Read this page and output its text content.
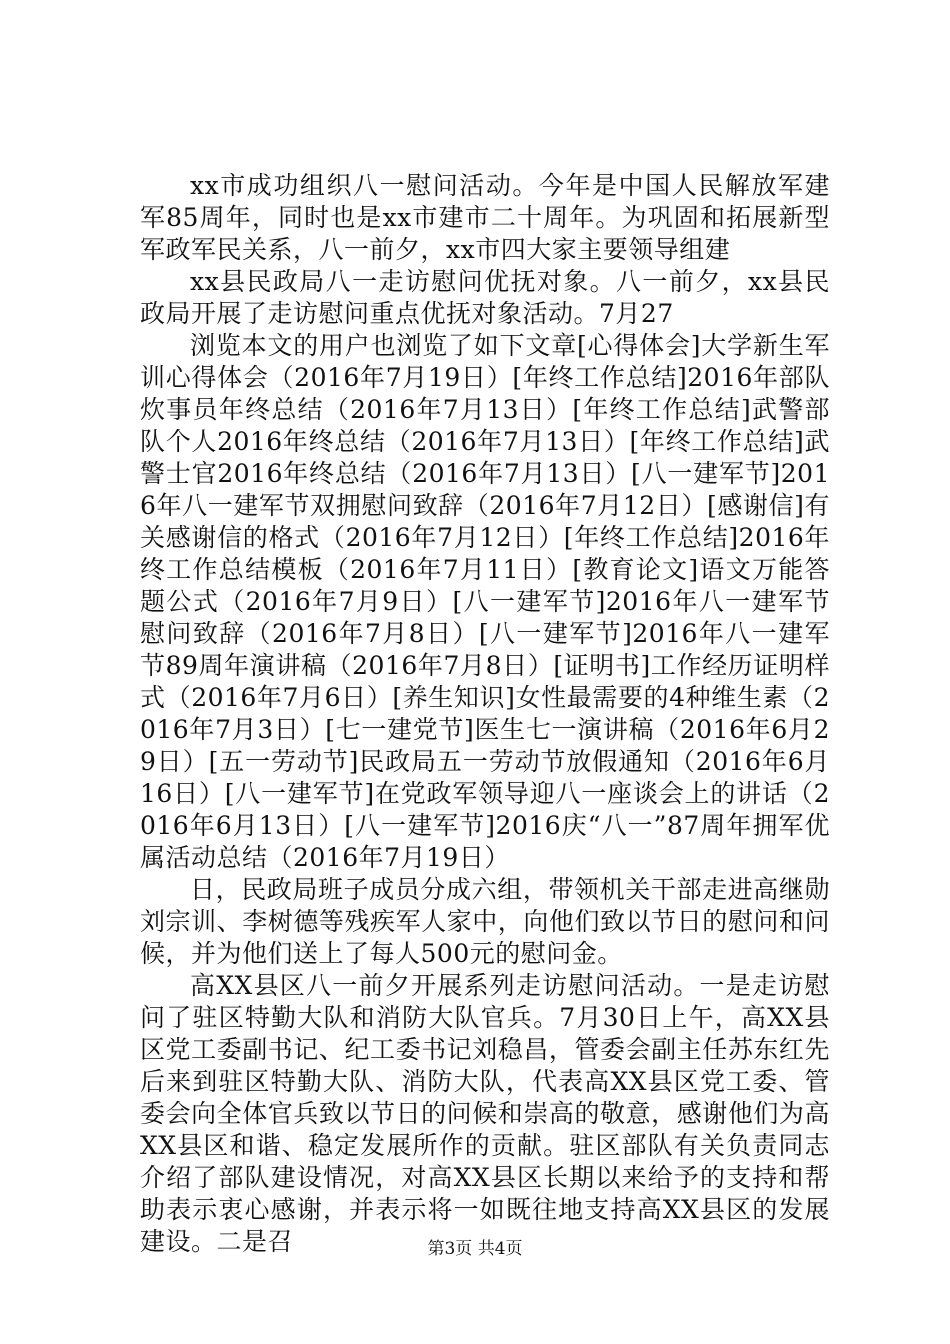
xx市成功组织八一慰问活动。今年是中国人民解放军建军85周年，同时也是xx市建市二十周年。为巩固和拓展新型军政军民关系，八一前夕，xx市四大家主要领导组建

xx县民政局八一走访慰问优抚对象。八一前夕，xx县民政局开展了走访慰问重点优抚对象活动。7月27

浏览本文的用户也浏览了如下文章[心得体会]大学新生军训心得体会（2016年7月19日）[年终工作总结]2016年部队炊事员年终总结（2016年7月13日）[年终工作总结]武警部队个人2016年终总结（2016年7月13日）[年终工作总结]武警士官2016年终总结（2016年7月13日）[八一建军节]2016年八一建军节双拥慰问致辞（2016年7月12日）[感谢信]有关感谢信的格式（2016年7月12日）[年终工作总结]2016年终工作总结模板（2016年7月11日）[教育论文]语文万能答题公式（2016年7月9日）[八一建军节]2016年八一建军节慰问致辞（2016年7月8日）[八一建军节]2016年八一建军节89周年演讲稿（2016年7月8日）[证明书]工作经历证明样式（2016年7月6日）[养生知识]女性最需要的4种维生素（2016年7月3日）[七一建党节]医生七一演讲稿（2016年6月29日）[五一劳动节]民政局五一劳动节放假通知（2016年6月16日）[八一建军节]在党政军领导迎八一座谈会上的讲话（2016年6月13日）[八一建军节]2016庆“八一”87周年拥军优属活动总结（2016年7月19日）

日，民政局班子成员分成六组，带领机关干部走进高继勋刘宗训、李树德等残疾军人家中，向他们致以节日的慰问和问候，并为他们送上了每人500元的慰问金。

高XX县区八一前夕开展系列走访慰问活动。一是走访慰问了驻区特勤大队和消防大队官兵。7月30日上午，高XX县区党工委副书记、纪工委书记刘稳昌，管委会副主任苏东红先后来到驻区特勤大队、消防大队，代表高XX县区党工委、管委会向全体官兵致以节日的问候和崇高的敬意，感谢他们为高XX县区和谐、稳定发展所作的贡献。驻区部队有关负责同志介绍了部队建设情况，对高XX县区长期以来给予的支持和帮助表示衷心感谢，并表示将一如既往地支持高XX县区的发展建设。二是召	第3页 共4页
